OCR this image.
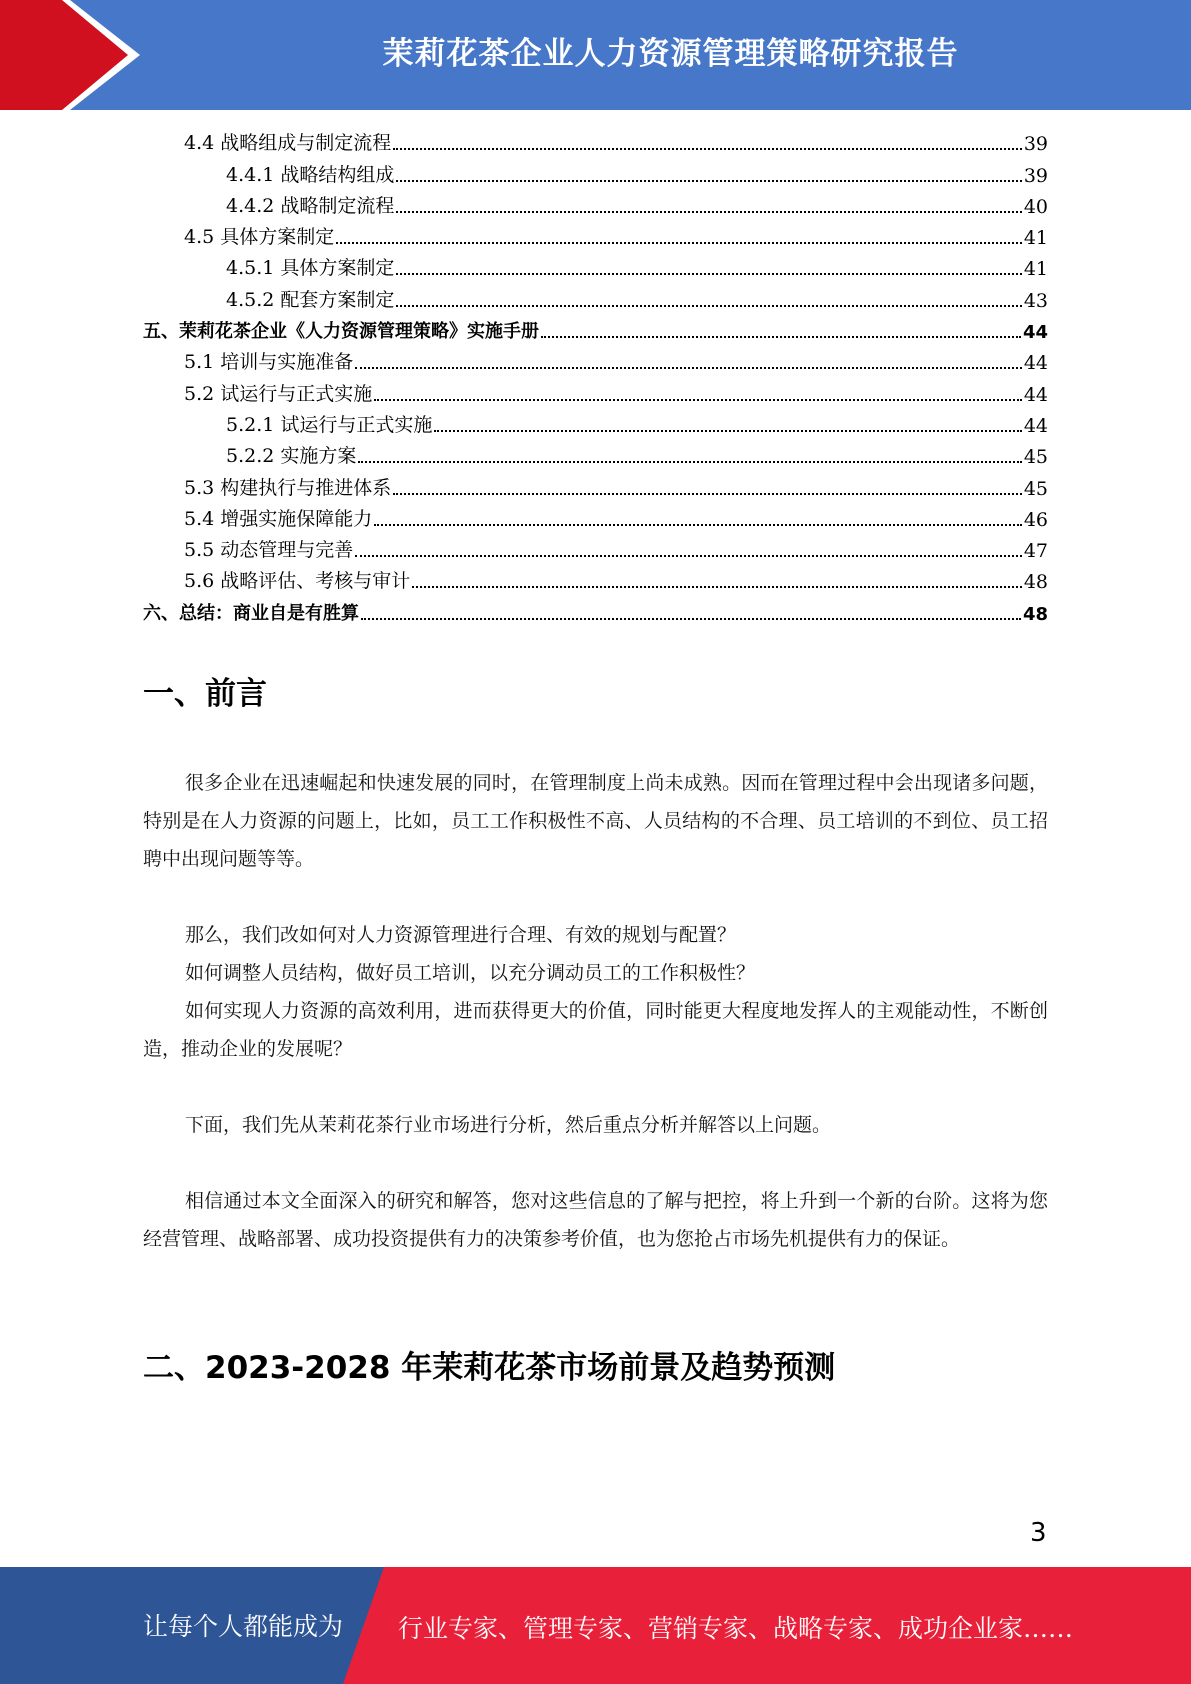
茉莉花茶企业人力资源管理策略研究报告
4.4 战略组成与制定流程	39
4.4.1 战略结构组成	39
4.4.2 战略制定流程	40
4.5 具体方案制定	41
4.5.1 具体方案制定	41
4.5.2 配套方案制定	43
五、茉莉花茶企业《人力资源管理策略》实施手册	44
5.1 培训与实施准备	44
5.2 试运行与正式实施	44
5.2.1 试运行与正式实施	44
5.2.2 实施方案	45
5.3 构建执行与推进体系	45
5.4 增强实施保障能力	46
5.5 动态管理与完善	47
5.6 战略评估、考核与审计	48
六、总结：商业自是有胜算	48
一、前言
很多企业在迅速崛起和快速发展的同时，在管理制度上尚未成熟。因而在管理过程中会出现诸多问题，特别是在人力资源的问题上，比如，员工工作积极性不高、人员结构的不合理、员工培训的不到位、员工招聘中出现问题等等。
那么，我们改如何对人力资源管理进行合理、有效的规划与配置？
如何调整人员结构，做好员工培训，以充分调动员工的工作积极性？
如何实现人力资源的高效利用，进而获得更大的价值，同时能更大程度地发挥人的主观能动性，不断创造，推动企业的发展呢？
下面，我们先从茉莉花茶行业市场进行分析，然后重点分析并解答以上问题。
相信通过本文全面深入的研究和解答，您对这些信息的了解与把控，将上升到一个新的台阶。这将为您经营管理、战略部署、成功投资提供有力的决策参考价值，也为您抢占市场先机提供有力的保证。
二、2023-2028 年茉莉花茶市场前景及趋势预测
3
让每个人都能成为 行业专家、管理专家、营销专家、战略专家、成功企业家……
